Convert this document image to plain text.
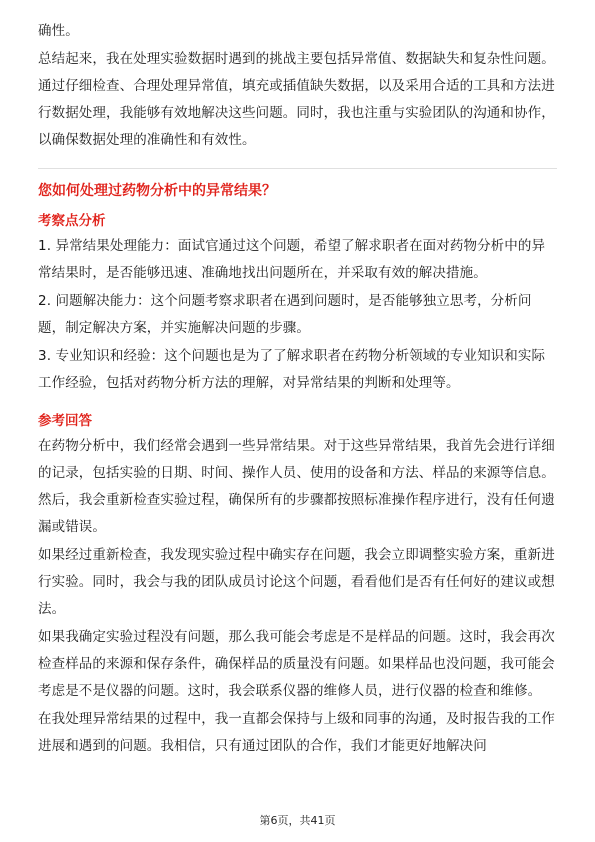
确性。

总结起来，我在处理实验数据时遇到的挑战主要包括异常值、数据缺失和复杂性问题。通过仔细检查、合理处理异常值，填充或插值缺失数据，以及采用合适的工具和方法进行数据处理，我能够有效地解决这些问题。同时，我也注重与实验团队的沟通和协作，以确保数据处理的准确性和有效性。

您如何处理过药物分析中的异常结果？
考察点分析

1. 异常结果处理能力：面试官通过这个问题，希望了解求职者在面对药物分析中的异常结果时，是否能够迅速、准确地找出问题所在，并采取有效的解决措施。

2. 问题解决能力：这个问题考察求职者在遇到问题时，是否能够独立思考，分析问题，制定解决方案，并实施解决问题的步骤。

3. 专业知识和经验：这个问题也是为了了解求职者在药物分析领域的专业知识和实际工作经验，包括对药物分析方法的理解，对异常结果的判断和处理等。

参考回答

在药物分析中，我们经常会遇到一些异常结果。对于这些异常结果，我首先会进行详细的记录，包括实验的日期、时间、操作人员、使用的设备和方法、样品的来源等信息。然后，我会重新检查实验过程，确保所有的步骤都按照标准操作程序进行，没有任何遗漏或错误。

如果经过重新检查，我发现实验过程中确实存在问题，我会立即调整实验方案，重新进行实验。同时，我会与我的团队成员讨论这个问题，看看他们是否有任何好的建议或想法。

如果我确定实验过程没有问题，那么我可能会考虑是不是样品的问题。这时，我会再次检查样品的来源和保存条件，确保样品的质量没有问题。如果样品也没问题，我可能会考虑是不是仪器的问题。这时，我会联系仪器的维修人员，进行仪器的检查和维修。

在我处理异常结果的过程中，我一直都会保持与上级和同事的沟通，及时报告我的工作进展和遇到的问题。我相信，只有通过团队的合作，我们才能更好地解决问

第6页，共41页
